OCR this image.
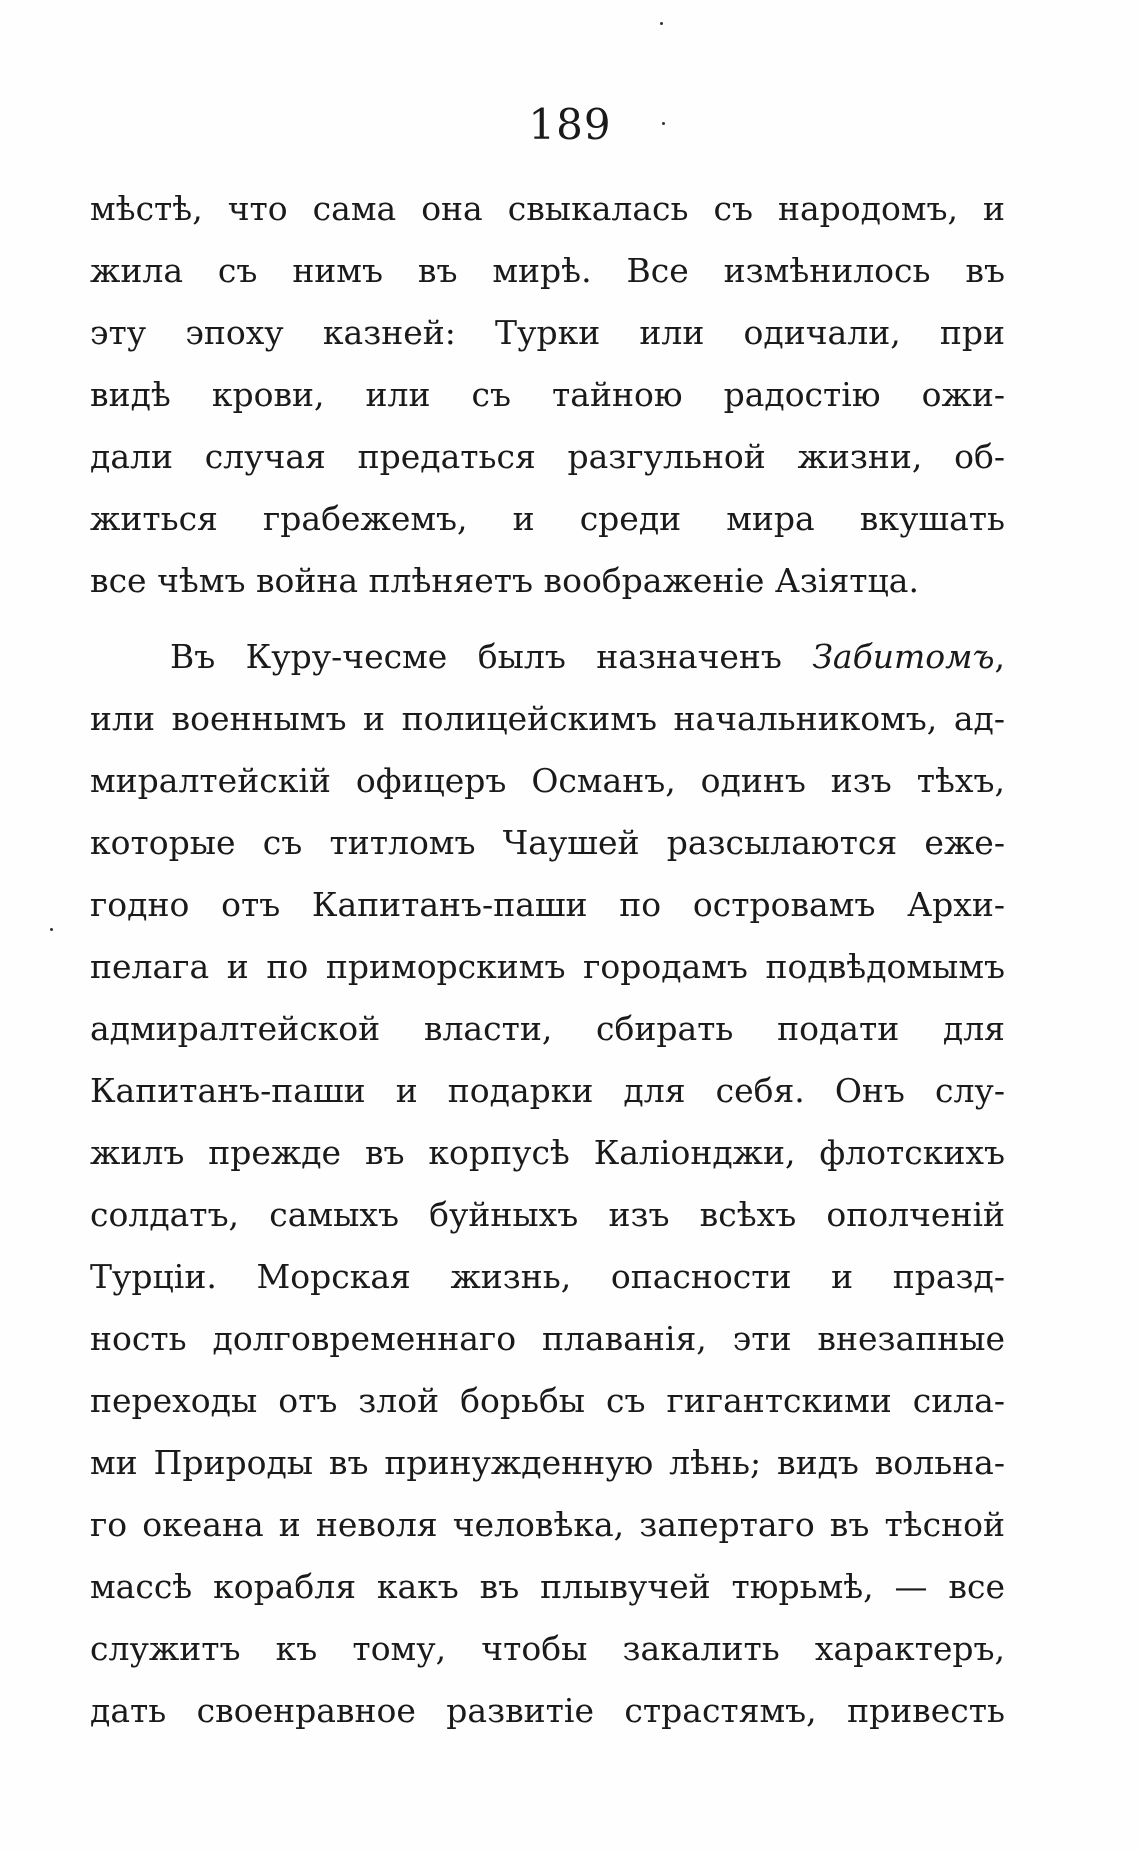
189
мѣстѣ, что сама она свыкалась съ народомъ, и
жила съ нимъ въ мирѣ. Все измѣнилось въ
эту эпоху казней: Турки или одичали, при
видѣ крови, или съ тайною радостію ожи-
дали случая предаться разгульной жизни, об-
житься грабежемъ, и среди мира вкушать
все чѣмъ война плѣняетъ воображеніе Азіятца.
Въ Куру-чесме былъ назначенъ Забитомъ,
или военнымъ и полицейскимъ начальникомъ, ад-
миралтейскій офицеръ Османъ, одинъ изъ тѣхъ,
которые съ титломъ Чаушей разсылаются еже-
годно отъ Капитанъ-паши по островамъ Архи-
пелага и по приморскимъ городамъ подвѣдомымъ
адмиралтейской власти, сбирать подати для
Капитанъ-паши и подарки для себя. Онъ слу-
жилъ прежде въ корпусѣ Каліонджи, флотскихъ
солдатъ, самыхъ буйныхъ изъ всѣхъ ополченій
Турціи. Морская жизнь, опасности и празд-
ность долговременнаго плаванія, эти внезапные
переходы отъ злой борьбы съ гигантскими сила-
ми Природы въ принужденную лѣнь; видъ вольна-
го океана и неволя человѣка, запертаго въ тѣсной
массѣ корабля какъ въ плывучей тюрьмѣ, — все
служитъ къ тому, чтобы закалить характеръ,
дать своенравное развитіе страстямъ, привесть
